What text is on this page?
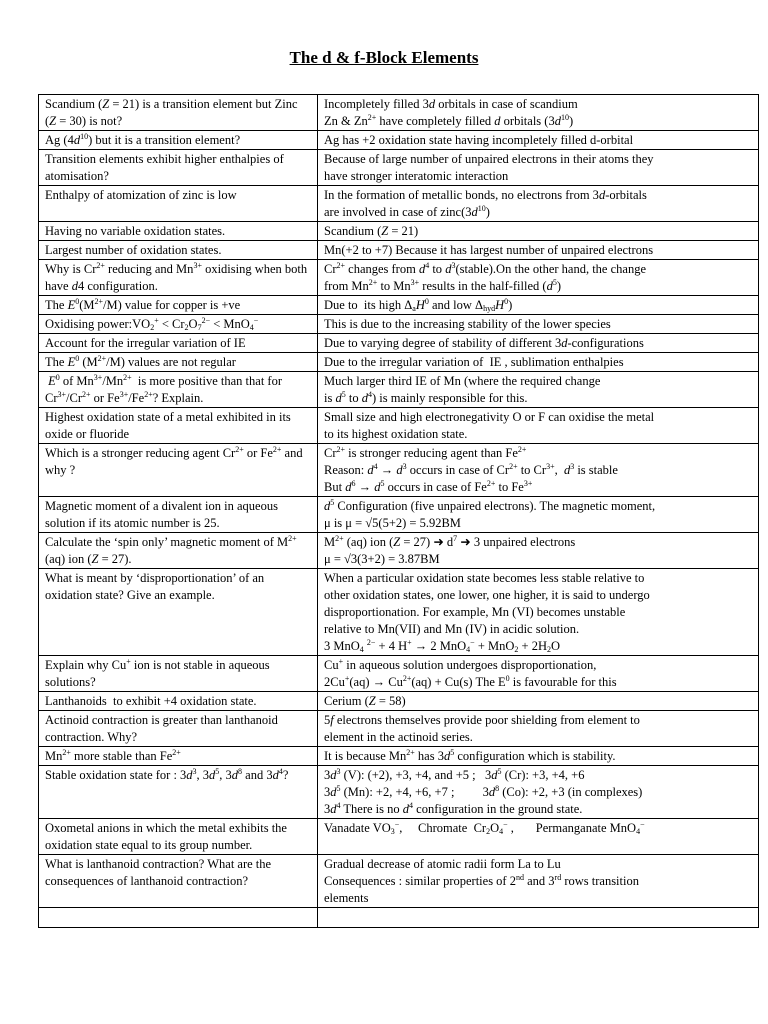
The d & f-Block Elements
Scandium (Z = 21) is a transition element but Zinc (Z = 30) is not?	Incompletely filled 3d orbitals in case of scandium
Zn & $Zn^{2+}$ have completely filled d orbitals $(3d^{10})$

Ag $(4d^{10})$ but it is a transition element?	Ag has +2 oxidation state having incompletely filled d-orbital

Transition elements exhibit higher enthalpies of atomisation?	Because of large number of unpaired electrons in their atoms they
have stronger interatomic interaction

Enthalpy of atomization of zinc is low	In the formation of metallic bonds, no electrons from 3d-orbitals
are involved in case of $zinc(3d^{10})$

Having no variable oxidation states.	Scandium (Z = 21)

Largest number of oxidation states.	Mn(+2 to +7) Because it has largest number of unpaired electrons

Why is $Cr^{2+}$ reducing and $Mn^{3+}$ oxidising when both have d4 configuration.	$Cr^{2+}$ changes from $d^4$ to $d^3(stable).On$ the other hand, the change
from $Mn^{2+}$ to $Mn^{3+}$ results in the half-filled $(d^5)$

The $E^0(M^{2+}/M)$ value for copper is +ve	Due to  its high $\Delta_aH^0$ and low $\Delta_{hyd}H^0$)

Oxidising $power:VO_2^+ < Cr_2O_7^{2-} < MnO_4^-$	This is due to the increasing stability of the lower species

Account for the irregular variation of IE	Due to varying degree of stability of different 3d-configurations

The $E^0$ $(M^{2+}/M)$ values are not regular	Due to the irregular variation of  IE , sublimation enthalpies

$E^0$ of $Mn^{3+}/Mn^{2+}$  is more positive than that for $Cr^{3+}/Cr^{2+}$ or $Fe^{3+}/Fe^{2+}$? Explain.	Much larger third IE of Mn (where the required change
is $d^5$ to $d^4$) is mainly responsible for this.

Highest oxidation state of a metal exhibited in its oxide or fluoride	Small size and high electronegativity O or F can oxidise the metal
to its highest oxidation state.

Which is a stronger reducing agent $Cr^{2+}$ or $Fe^{2+}$ and why ?	$Cr^{2+}$ is stronger reducing agent than $Fe^{2+}$
Reason: $d^4 \to d^3$ occurs in case of $Cr^{2+}$ to $Cr^{3+}$,  $d^3$ is stable
But $d^6 \to d^5$ occurs in case of $Fe^{2+}$ to $Fe^{3+}$

Magnetic moment of a divalent ion in aqueous solution if its atomic number is 25.	$d^5$ Configuration (five unpaired electrons). The magnetic moment,
μ is μ = √5(5+2) = 5.92BM

Calculate the ‘spin only’ magnetic moment of $M^{2+}$ (aq) ion (Z = 27).	$M^{2+}$ (aq) ion (Z = 27) ➜ $d^7$ ➜ 3 unpaired electrons
μ = √3(3+2) = 3.87BM

What is meant by ‘disproportionation’ of an oxidation state? Give an example.	When a particular oxidation state becomes less stable relative to
other oxidation states, one lower, one higher, it is said to undergo
disproportionation. For example, Mn (VI) becomes unstable
relative to Mn(VII) and Mn (IV) in acidic solution.
3 MnO$_4$ $^{2-}$ + 4 H+ → 2 $MnO_4^- + MnO_2 + 2H_2O$

Explain why Cu+ ion is not stable in aqueous solutions?	Cu+ in aqueous solution undergoes disproportionation,
$2Cu^+(aq) \to Cu^{2+}(aq) + Cu(s)$ The $E^0$ is favourable for this

Lanthanoids  to exhibit +4 oxidation state.	Cerium (Z = 58)

Actinoid contraction is greater than lanthanoid contraction. Why?	5f electrons themselves provide poor shielding from element to
element in the actinoid series.

$Mn^{2+}$ more stable than $Fe^{2+}$	It is because $Mn^{2+}$ has $3d^5$ configuration which is stability.

Stable oxidation state for : $3d^3$, $3d^5$, $3d^8$ and $3d^4$?	$3d^3$ (V): (+2), +3, +4, and +5 ;   $3d^5$ (Cr): +3, +4, +6
$3d^5$ (Mn): +2, +4, +6, +7 ;         $3d^8$ (Co): +2, +3 (in complexes)
$3d^4$ There is no $d^4$ configuration in the ground state.

Oxometal anions in which the metal exhibits the oxidation state equal to its group number.	Vanadate $VO_3^-$,     Chromate  $Cr_2O_4^-$ ,       Permanganate MnO$_4$−

What is lanthanoid contraction? What are the consequences of lanthanoid contraction?	Gradual decrease of atomic radii form La to Lu
Consequences : similar properties of 2nd and 3rd rows transition
elements
